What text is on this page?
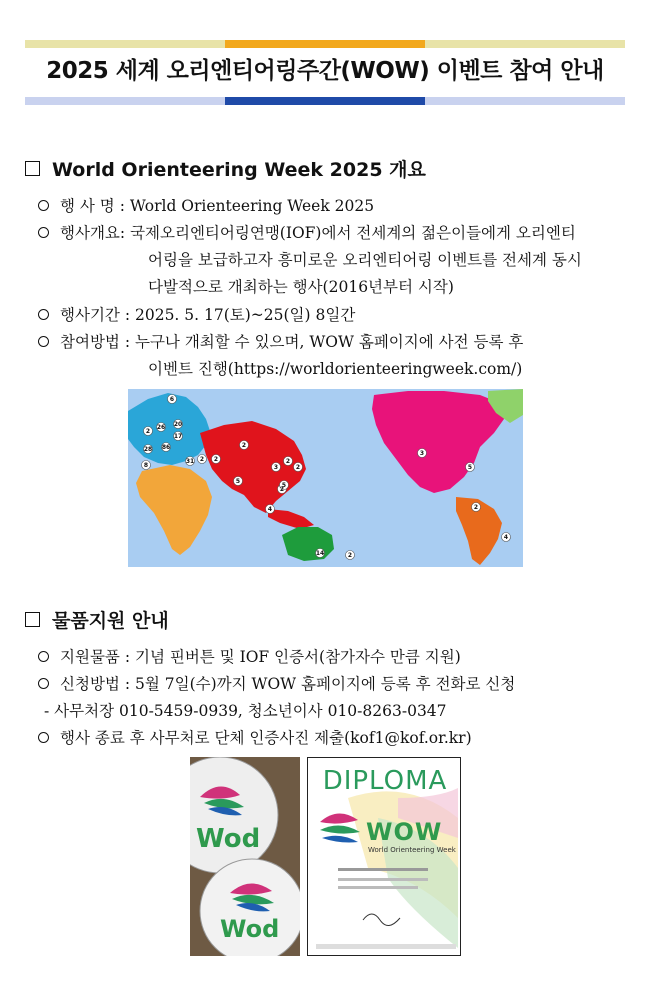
2025 세계 오리엔티어링주간(WOW) 이벤트 참여 안내
World Orienteering Week 2025 개요
행 사 명 : World Orienteering Week 2025
행사개요: 국제오리엔티어링연맹(IOF)에서 전세계의 젊은이들에게 오리엔티
어링을 보급하고자 흥미로운 오리엔티어링 이벤트를 전세계 동시
다발적으로 개최하는 행사(2016년부터 시작)
행사기간 : 2025. 5. 17(토)~25(일) 8일간
참여방법 : 누구나 개최할 수 있으며, WOW 홈페이지에 사전 등록 후
이벤트 진행(https://worldorienteeringweek.com/)
6
26 20
17
2
28 86
8
31 2
2
2
2
5
3
2
2
4
5
3
5
2
4
14	2
물품지원 안내
지원물품 : 기념 핀버튼 및 IOF 인증서(참가자수 만큼 지원)
신청방법 : 5월 7일(수)까지 WOW 홈페이지에 등록 후 전화로 신청
- 사무처장 010-5459-0939, 청소년이사 010-8263-0347
행사 종료 후 사무처로 단체 인증사진 제출(kof1@kof.or.kr)
Wod
Wod
DIPLOMA
WOW
World Orienteering Week
